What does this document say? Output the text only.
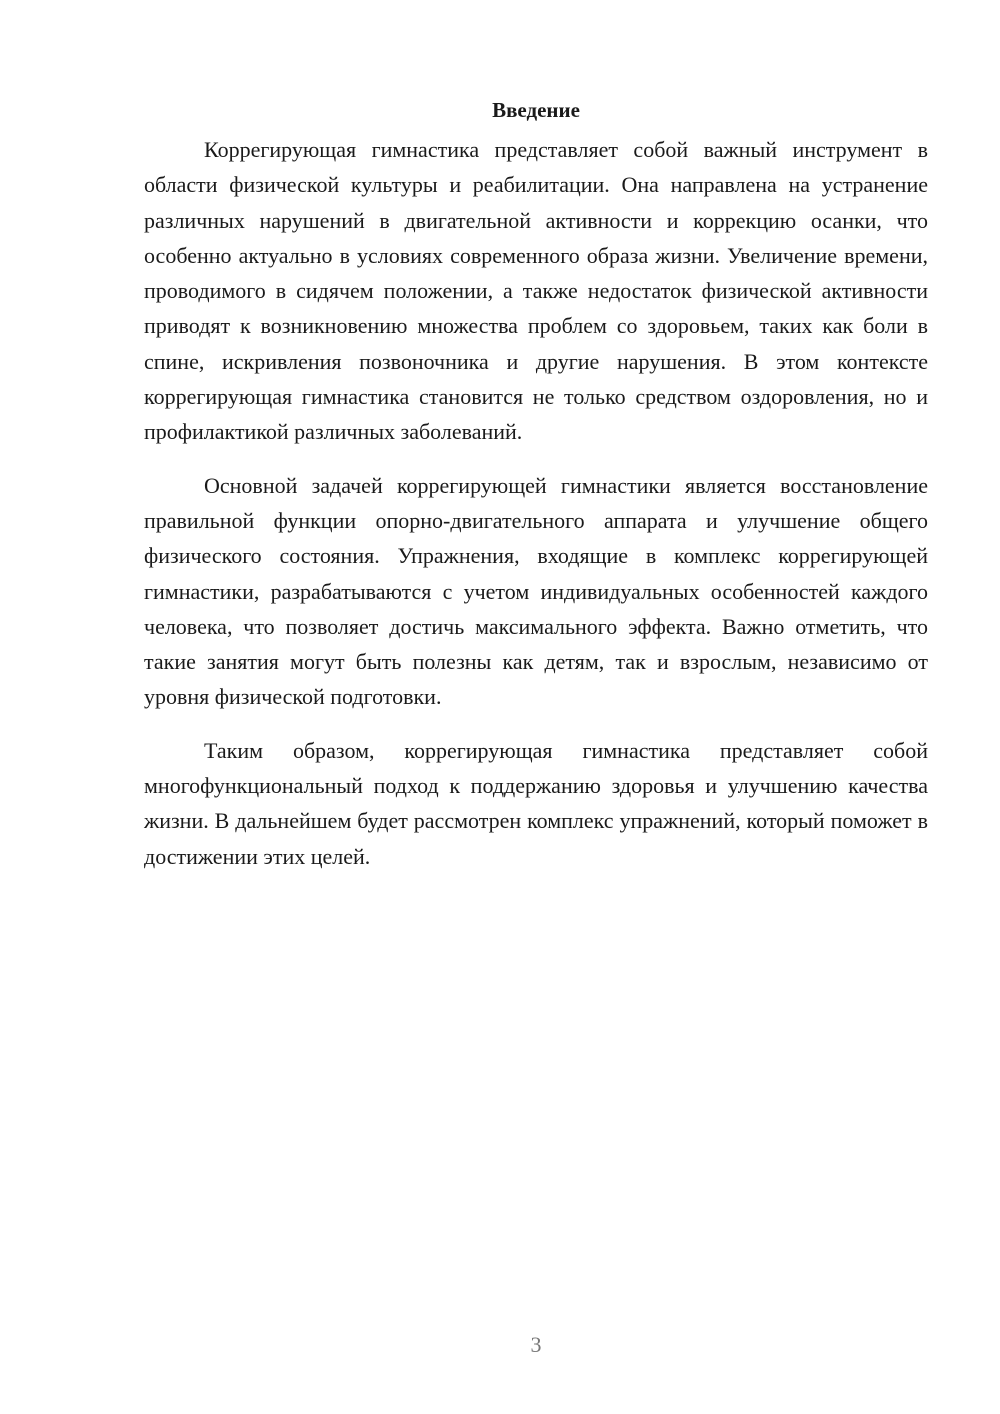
Введение

Коррегирующая гимнастика представляет собой важный инструмент в области физической культуры и реабилитации. Она направлена на устранение различных нарушений в двигательной активности и коррекцию осанки, что особенно актуально в условиях современного образа жизни. Увеличение времени, проводимого в сидячем положении, а также недостаток физической активности приводят к возникновению множества проблем со здоровьем, таких как боли в спине, искривления позвоночника и другие нарушения. В этом контексте коррегирующая гимнастика становится не только средством оздоровления, но и профилактикой различных заболеваний.

Основной задачей коррегирующей гимнастики является восстановление правильной функции опорно-двигательного аппарата и улучшение общего физического состояния. Упражнения, входящие в комплекс коррегирующей гимнастики, разрабатываются с учетом индивидуальных особенностей каждого человека, что позволяет достичь максимального эффекта. Важно отметить, что такие занятия могут быть полезны как детям, так и взрослым, независимо от уровня физической подготовки.

Таким образом, коррегирующая гимнастика представляет собой многофункциональный подход к поддержанию здоровья и улучшению качества жизни. В дальнейшем будет рассмотрен комплекс упражнений, который поможет в достижении этих целей.

3
